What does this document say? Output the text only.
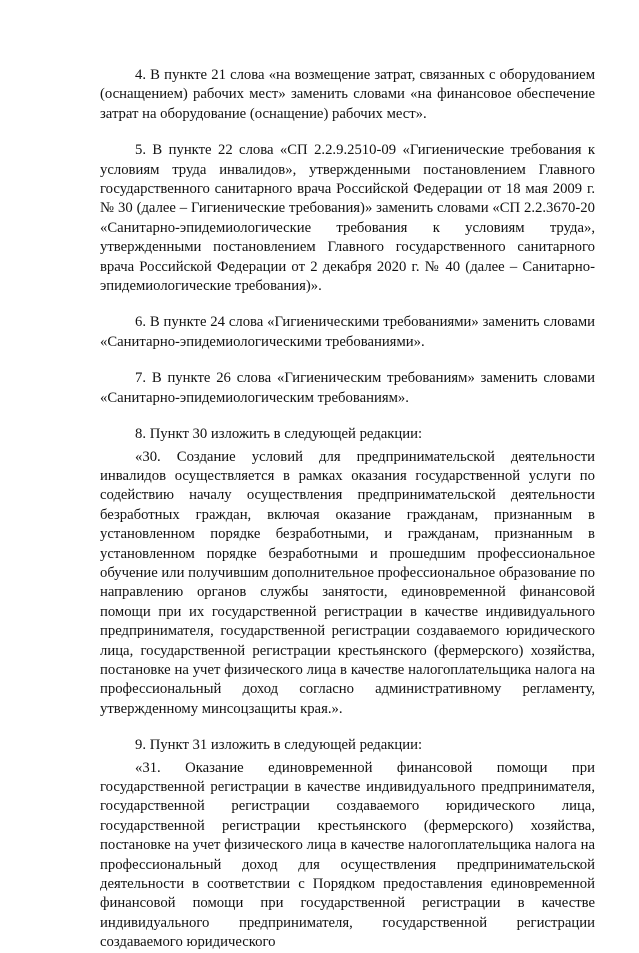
4. В пункте 21 слова «на возмещение затрат, связанных с оборудованием (оснащением) рабочих мест» заменить словами «на финансовое обеспечение затрат на оборудование (оснащение) рабочих мест».

5. В пункте 22 слова «СП 2.2.9.2510-09 «Гигиенические требования к условиям труда инвалидов», утвержденными постановлением Главного государственного санитарного врача Российской Федерации от 18 мая 2009 г. № 30 (далее – Гигиенические требования)» заменить словами «СП 2.2.3670-20 «Санитарно-эпидемиологические требования к условиям труда», утвержденными постановлением Главного государственного санитарного врача Российской Федерации от 2 декабря 2020 г. № 40 (далее – Санитарно-эпидемиологические требования)».

6. В пункте 24 слова «Гигиеническими требованиями» заменить словами «Санитарно-эпидемиологическими требованиями».

7. В пункте 26 слова «Гигиеническим требованиям» заменить словами «Санитарно-эпидемиологическим требованиям».

8. Пункт 30 изложить в следующей редакции:

«30. Создание условий для предпринимательской деятельности инвалидов осуществляется в рамках оказания государственной услуги по содействию началу осуществления предпринимательской деятельности безработных граждан, включая оказание гражданам, признанным в установленном порядке безработными, и гражданам, признанным в установленном порядке безработными и прошедшим профессиональное обучение или получившим дополнительное профессиональное образование по направлению органов службы занятости, единовременной финансовой помощи при их государственной регистрации в качестве индивидуального предпринимателя, государственной регистрации создаваемого юридического лица, государственной регистрации крестьянского (фермерского) хозяйства, постановке на учет физического лица в качестве налогоплательщика налога на профессиональный доход согласно административному регламенту, утвержденному минсоцзащиты края.».

9. Пункт 31 изложить в следующей редакции:

«31. Оказание единовременной финансовой помощи при государственной регистрации в качестве индивидуального предпринимателя, государственной регистрации создаваемого юридического лица, государственной регистрации крестьянского (фермерского) хозяйства, постановке на учет физического лица в качестве налогоплательщика налога на профессиональный доход для осуществления предпринимательской деятельности в соответствии с Порядком предоставления единовременной финансовой помощи при государственной регистрации в качестве индивидуального предпринимателя, государственной регистрации создаваемого юридического
